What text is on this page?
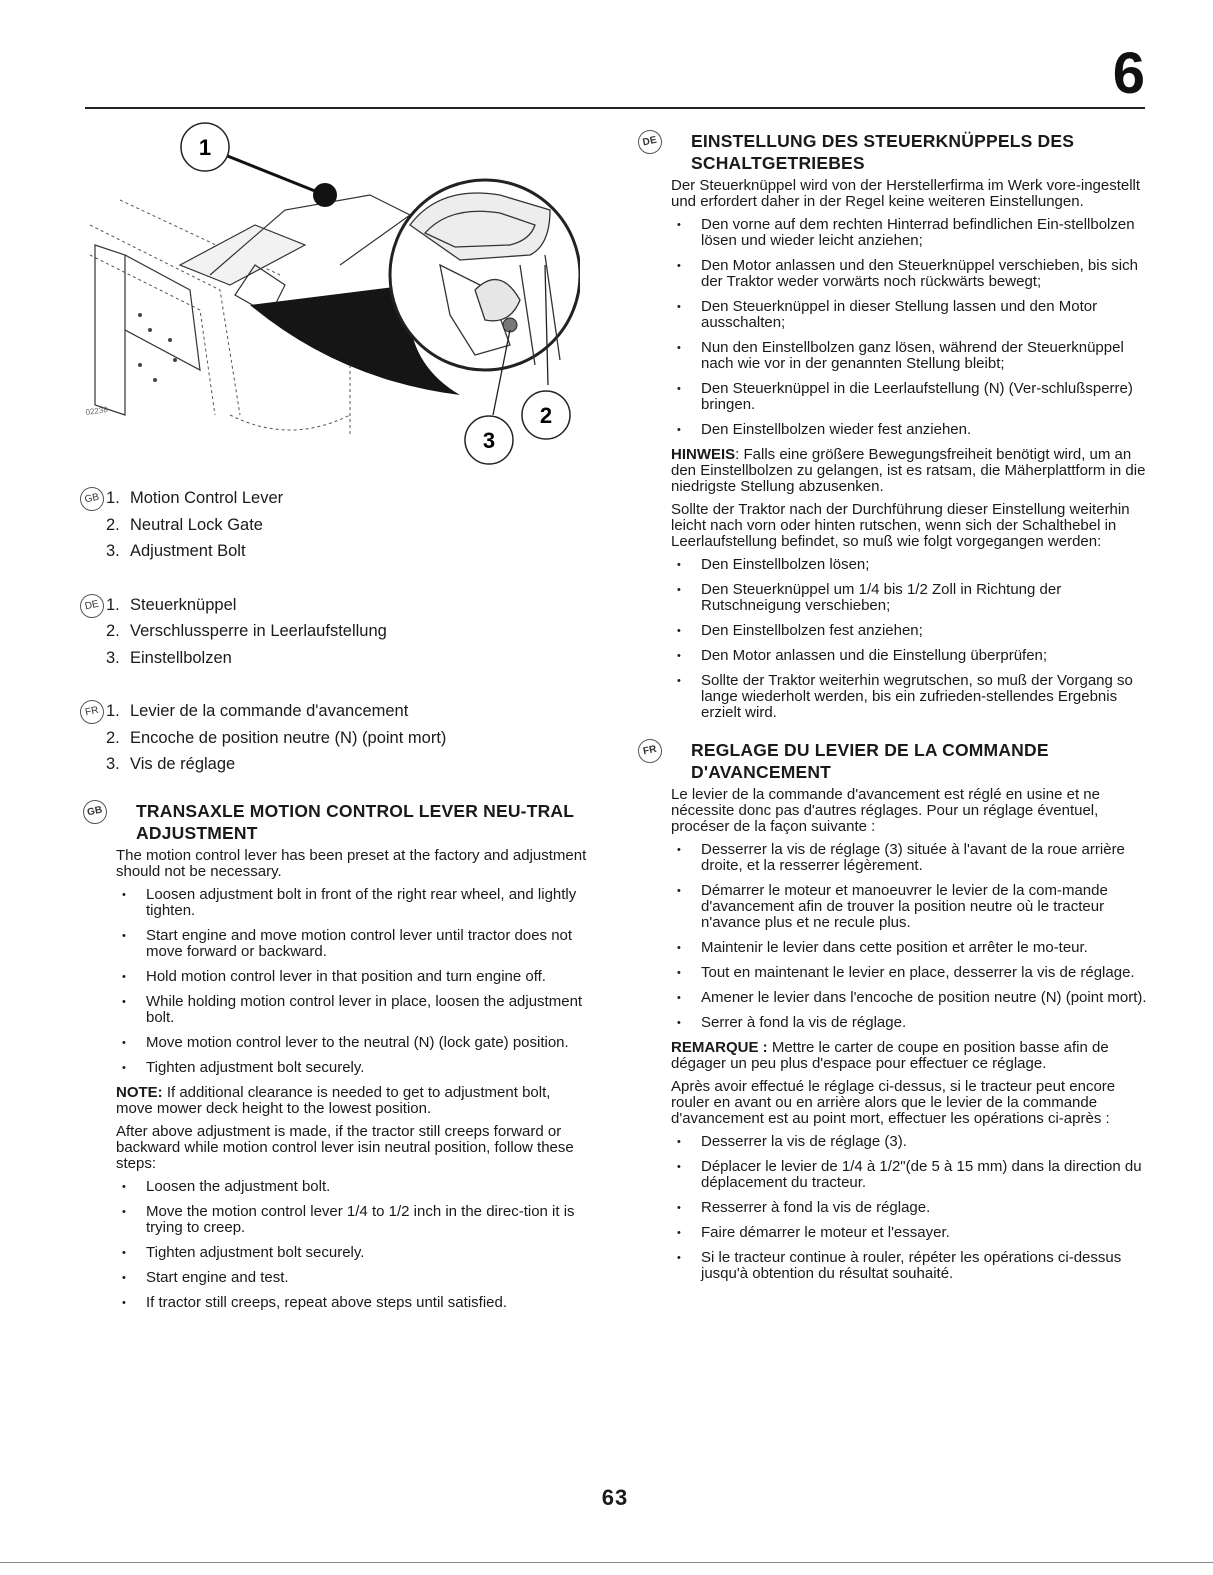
6
1
2
3
02238
GB 1. Motion Control Lever
2. Neutral Lock Gate
3. Adjustment Bolt
DE 1. Steuerknüppel
2. Verschlussperre in Leerlaufstellung
3. Einstellbolzen
FR 1. Levier de la commande d'avancement
2. Encoche de position neutre (N) (point mort)
3. Vis de réglage
GB	TRANSAXLE MOTION CONTROL LEVER NEU-TRAL ADJUSTMENT

The motion control lever has been preset at the factory and adjustment should not be necessary.

• Loosen adjustment bolt in front of the right rear wheel, and lightly tighten.
• Start engine and move motion control lever until tractor does not move forward or backward.
• Hold motion control lever in that position and turn engine off.
• While holding motion control lever in place, loosen the adjustment bolt.
• Move motion control lever to the neutral (N) (lock gate) position.
• Tighten adjustment bolt securely.

NOTE: If additional clearance is needed to get to adjustment bolt, move mower deck height to the lowest position.

After above adjustment is made, if the tractor still creeps forward or backward while motion control lever isin neutral position, follow these steps:

• Loosen the adjustment bolt.
• Move the motion control lever 1/4 to 1/2 inch in the direc-tion it is trying to creep.
• Tighten adjustment bolt securely.
• Start engine and test.
• If tractor still creeps, repeat above steps until satisfied.
DE	EINSTELLUNG DES STEUERKNÜPPELS DES SCHALTGETRIEBES

Der Steuerknüppel wird von der Herstellerfirma im Werk vore-ingestellt und erfordert daher in der Regel keine weiteren Einstellungen.

• Den vorne auf dem rechten Hinterrad befindlichen Ein-stellbolzen lösen und wieder leicht anziehen;
• Den Motor anlassen und den Steuerknüppel verschieben, bis sich der Traktor weder vorwärts noch rückwärts bewegt;
• Den Steuerknüppel in dieser Stellung lassen und den Motor ausschalten;
• Nun den Einstellbolzen ganz lösen, während der Steuerknüppel nach wie vor in der genannten Stellung bleibt;
• Den Steuerknüppel in die Leerlaufstellung (N) (Ver-schlußsperre) bringen.
• Den Einstellbolzen wieder fest anziehen.

HINWEIS: Falls eine größere Bewegungsfreiheit benötigt wird, um an den Einstellbolzen zu gelangen, ist es ratsam, die Mäherplattform in die niedrigste Stellung abzusenken.

Sollte der Traktor nach der Durchführung dieser Einstellung weiterhin leicht nach vorn oder hinten rutschen, wenn sich der Schalthebel in Leerlaufstellung befindet, so muß wie folgt vorgegangen werden:

• Den Einstellbolzen lösen;
• Den Steuerknüppel um 1/4 bis 1/2 Zoll in Richtung der Rutschneigung verschieben;
• Den Einstellbolzen fest anziehen;
• Den Motor anlassen und die Einstellung überprüfen;
• Sollte der Traktor weiterhin wegrutschen, so muß der Vorgang so lange wiederholt werden, bis ein zufrieden-stellendes Ergebnis erzielt wird.
FR	REGLAGE DU LEVIER DE LA COMMANDE D'AVANCEMENT

Le levier de la commande d'avancement est réglé en usine et ne nécessite donc pas d'autres réglages. Pour un réglage éventuel, procéser de la façon suivante :

• Desserrer la vis de réglage (3) située à l'avant de la roue arrière droite, et la resserrer légèrement.
• Démarrer le moteur et manoeuvrer le levier de la com-mande d'avancement afin de trouver la position neutre où le tracteur n'avance plus et ne recule plus.
• Maintenir le levier dans cette position et arrêter le mo-teur.
• Tout en maintenant le levier en place, desserrer la vis de réglage.
• Amener le levier dans l'encoche de position neutre (N) (point mort).
• Serrer à fond la vis de réglage.

REMARQUE : Mettre le carter de coupe en position basse afin de dégager un peu plus d'espace pour effectuer ce réglage.

Après avoir effectué le réglage ci-dessus, si le tracteur peut encore rouler en avant ou en arrière alors que le levier de la commande d'avancement est au point mort, effectuer les opérations ci-après :

• Desserrer la vis de réglage (3).
• Déplacer le levier de 1/4 à 1/2"(de 5 à 15 mm) dans la direction du déplacement du tracteur.
• Resserrer à fond la vis de réglage.
• Faire démarrer le moteur et l'essayer.
• Si le tracteur continue à rouler, répéter les opérations ci-dessus jusqu'à obtention du résultat souhaité.
63
